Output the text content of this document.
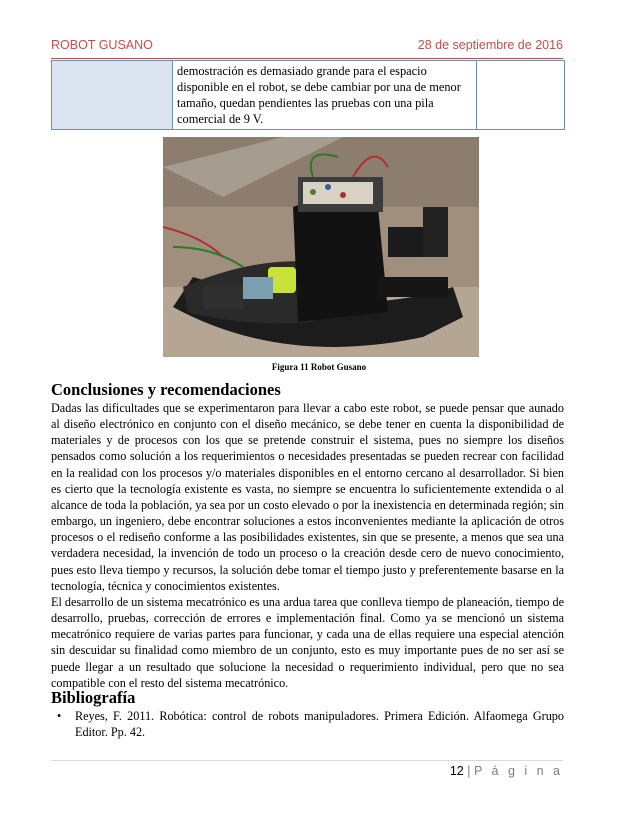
ROBOT GUSANO	28 de septiembre de 2016
	demostración es demasiado grande para el espacio disponible en el robot, se debe cambiar por una de menor tamaño, quedan pendientes las pruebas con una pila comercial de 9 V.	
Figura 11 Robot Gusano
Conclusiones y recomendaciones

Dadas las dificultades que se experimentaron para llevar a cabo este robot, se puede pensar que aunado al diseño electrónico en conjunto con el diseño mecánico, se debe tener en cuenta la disponibilidad de materiales y de procesos con los que se pretende construir el sistema, pues no siempre los diseños pensados como solución a los requerimientos o necesidades presentadas se pueden recrear con facilidad en la realidad con los procesos y/o materiales disponibles en el entorno cercano al desarrollador. Si bien es cierto que la tecnología existente es vasta, no siempre se encuentra lo suficientemente extendida o al alcance de toda la población, ya sea por un costo elevado o por la inexistencia en determinada región; sin embargo, un ingeniero, debe encontrar soluciones a estos inconvenientes mediante la aplicación de otros procesos o el rediseño conforme a las posibilidades existentes, sin que se presente, a menos que sea una verdadera necesidad, la invención de todo un proceso o la creación desde cero de nuevo conocimiento, pues esto lleva tiempo y recursos, la solución debe tomar el tiempo justo y preferentemente basarse en la tecnología, técnica y conocimientos existentes.

El desarrollo de un sistema mecatrónico es una ardua tarea que conlleva tiempo de planeación, tiempo de desarrollo, pruebas, corrección de errores e implementación final. Como ya se mencionó un sistema mecatrónico requiere de varias partes para funcionar, y cada una de ellas requiere una especial atención sin descuidar su finalidad como miembro de un conjunto, esto es muy importante pues de no ser así se puede llegar a un resultado que solucione la necesidad o requerimiento individual, pero que no sea compatible con el resto del sistema mecatrónico.

Bibliografía
• Reyes, F. 2011. Robótica: control de robots manipuladores. Primera Edición. Alfaomega Grupo Editor. Pp. 42.
12 | P á g i n a
